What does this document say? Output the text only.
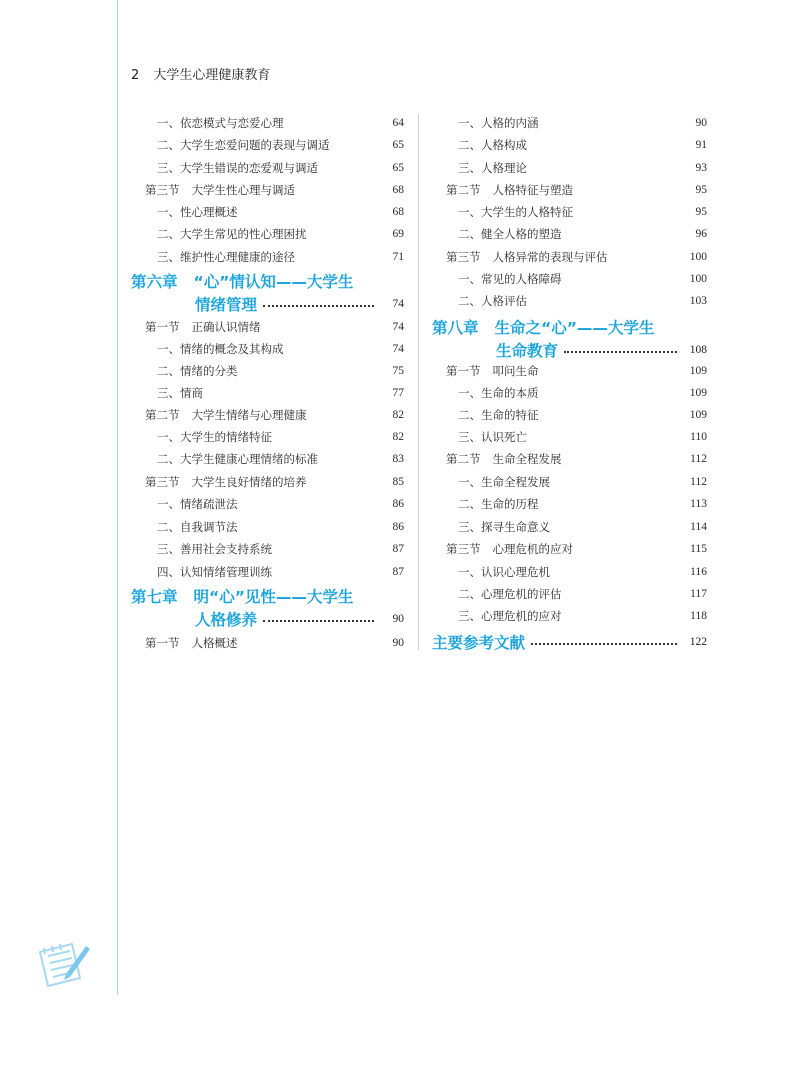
2 大学生心理健康教育
一、依恋模式与恋爱心理	64
二、大学生恋爱问题的表现与调适	65
三、大学生错误的恋爱观与调适	65
第三节 大学生性心理与调适	68
一、性心理概述	68
二、大学生常见的性心理困扰	69
三、维护性心理健康的途径	71
第六章 “心”情认知——大学生
情绪管理	74
第一节 正确认识情绪	74
一、情绪的概念及其构成	74
二、情绪的分类	75
三、情商	77
第二节 大学生情绪与心理健康	82
一、大学生的情绪特征	82
二、大学生健康心理情绪的标准	83
第三节 大学生良好情绪的培养	85
一、情绪疏泄法	86
二、自我调节法	86
三、善用社会支持系统	87
四、认知情绪管理训练	87
第七章 明“心”见性——大学生
人格修养	90
第一节 人格概述	90
一、人格的内涵	90
二、人格构成	91
三、人格理论	93
第二节 人格特征与塑造	95
一、大学生的人格特征	95
二、健全人格的塑造	96
第三节 人格异常的表现与评估	100
一、常见的人格障碍	100
二、人格评估	103
第八章 生命之“心”——大学生
生命教育	108
第一节 叩问生命	109
一、生命的本质	109
二、生命的特征	109
三、认识死亡	110
第二节 生命全程发展	112
一、生命全程发展	112
二、生命的历程	113
三、探寻生命意义	114
第三节 心理危机的应对	115
一、认识心理危机	116
二、心理危机的评估	117
三、心理危机的应对	118
主要参考文献	122
